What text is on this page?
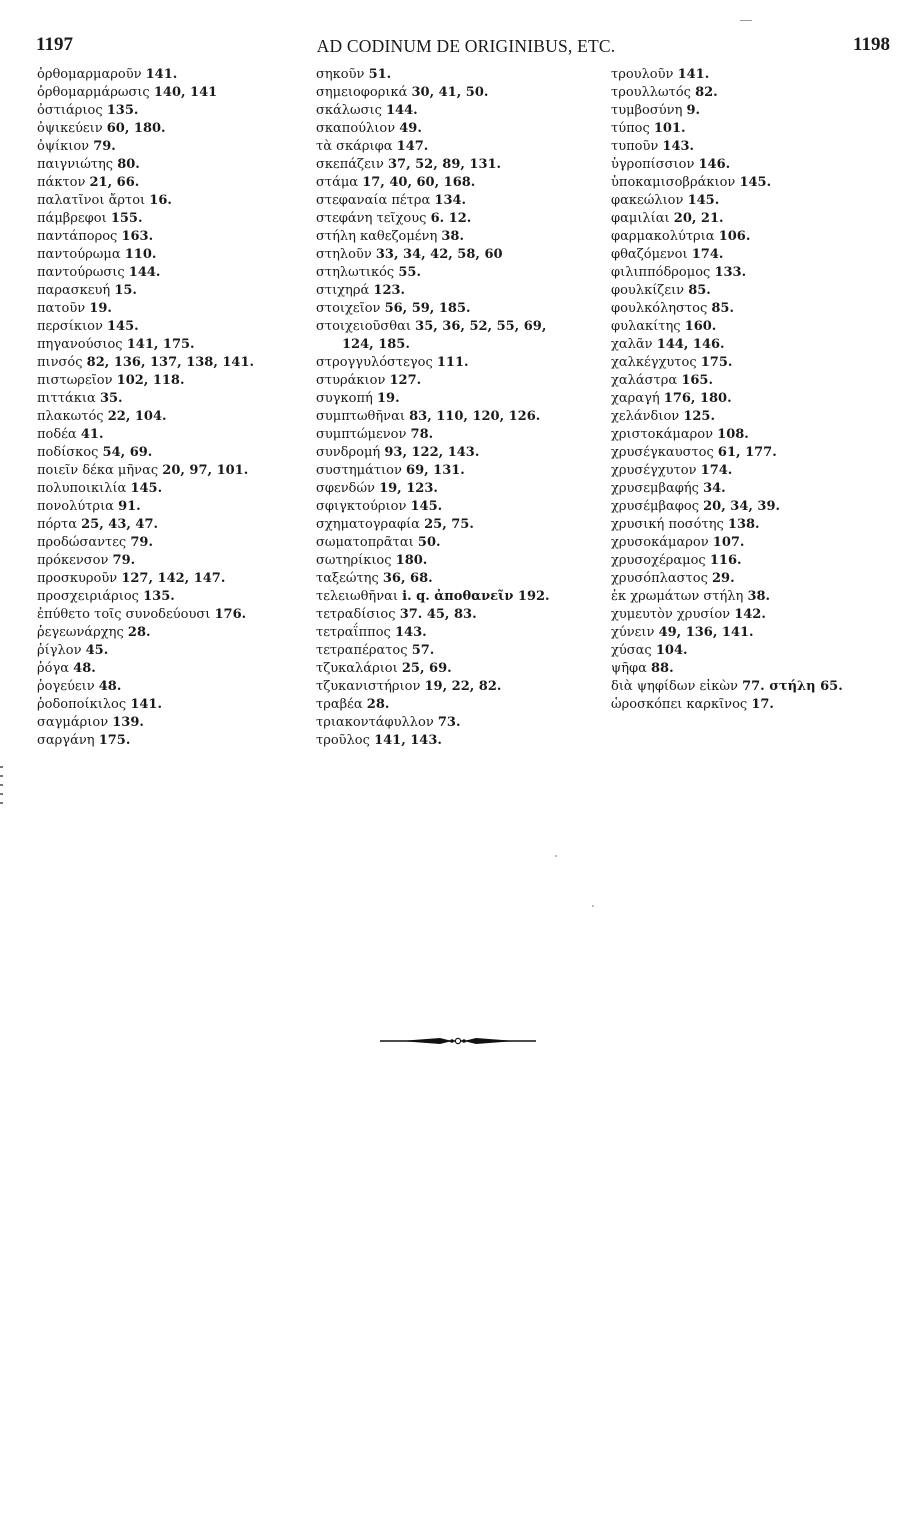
1197	AD CODINUM DE ORIGINIBUS, ETC.	1198
ὀρθομαρμαροῦν 141.
ὀρθομαρμάρωσις 140, 141
ὀστιάριος 135.
ὀψικεύειν 60, 180.
ὀψίκιον 79.
παιγνιώτης 80.
πάκτον 21, 66.
παλατῖνοι ἄρτοι 16.
πάμβρεφοι 155.
παντάπορος 163.
παντούρωμα 110.
παντούρωσις 144.
παρασκευή 15.
πατοῦν 19.
περσίκιον 145.
πηγανούσιος 141, 175.
πινσός 82, 136, 137, 138, 141.
πιστωρεῖον 102, 118.
πιττάκια 35.
πλακωτός 22, 104.
ποδέα 41.
ποδίσκος 54, 69.
ποιεῖν δέκα μῆνας 20, 97, 101.
πολυποικιλία 145.
πονολύτρια 91.
πόρτα 25, 43, 47.
προδώσαντες 79.
πρόκενσον 79.
προσκυροῦν 127, 142, 147.
προσχειριάριος 135.
ἐπύθετο τοῖς συνοδεύουσι 176.
ῥεγεωνάρχης 28.
ῥίγλον 45.
ῥόγα 48.
ῥογεύειν 48.
ῥοδοποίκιλος 141.
σαγμάριον 139.
σαργάνη 175.
σηκοῦν 51.
σημειοφορικά 30, 41, 50.
σκάλωσις 144.
σκαπούλιον 49.
τὰ σκάριφα 147.
σκεπάζειν 37, 52, 89, 131.
στάμα 17, 40, 60, 168.
στεφαναία πέτρα 134.
στεφάνη τεῖχους 6. 12.
στήλη καθεζομένη 38.
στηλοῦν 33, 34, 42, 58, 60
στηλωτικός 55.
στιχηρά 123.
στοιχεῖον 56, 59, 185.
στοιχειοῦσθαι 35, 36, 52, 55, 69,
124, 185.
στρογγυλόστεγος 111.
στυράκιον 127.
συγκοπή 19.
συμπτωθῆναι 83, 110, 120, 126.
συμπτώμενον 78.
συνδρομή 93, 122, 143.
συστημάτιον 69, 131.
σφενδών 19, 123.
σφιγκτούριον 145.
σχηματογραφία 25, 75.
σωματοπρᾶται 50.
σωτηρίκιος 180.
ταξεώτης 36, 68.
τελειωθῆναι i. q. ἀποθανεῖν 192.
τετραδίσιος 37. 45, 83.
τετραΐππος 143.
τετραπέρατος 57.
τζυκαλάριοι 25, 69.
τζυκανιστήριον 19, 22, 82.
τραβέα 28.
τριακοντάφυλλον 73.
τροῦλος 141, 143.
τρουλοῦν 141.
τρουλλωτός 82.
τυμβοσύνη 9.
τύπος 101.
τυποῦν 143.
ὑγροπίσσιον 146.
ὑποκαμισοβράκιον 145.
φακεώλιον 145.
φαμιλίαι 20, 21.
φαρμακολύτρια 106.
φθαζόμενοι 174.
φιλιππόδρομος 133.
φουλκίζειν 85.
φουλκόληστος 85.
φυλακίτης 160.
χαλᾶν 144, 146.
χαλκέγχυτος 175.
χαλάστρα 165.
χαραγή 176, 180.
χελάνδιον 125.
χριστοκάμαρον 108.
χρυσέγκαυστος 61, 177.
χρυσέγχυτον 174.
χρυσεμβαφής 34.
χρυσέμβαφος 20, 34, 39.
χρυσική ποσότης 138.
χρυσοκάμαρον 107.
χρυσοχέραμος 116.
χρυσόπλαστος 29.
ἐκ χρωμάτων στήλη 38.
χυμευτὸν χρυσίον 142.
χύνειν 49, 136, 141.
χύσας 104.
ψῆφα 88.
διὰ ψηφίδων εἰκὼν 77. στήλη 65.
ὡροσκόπει καρκῖνος 17.
